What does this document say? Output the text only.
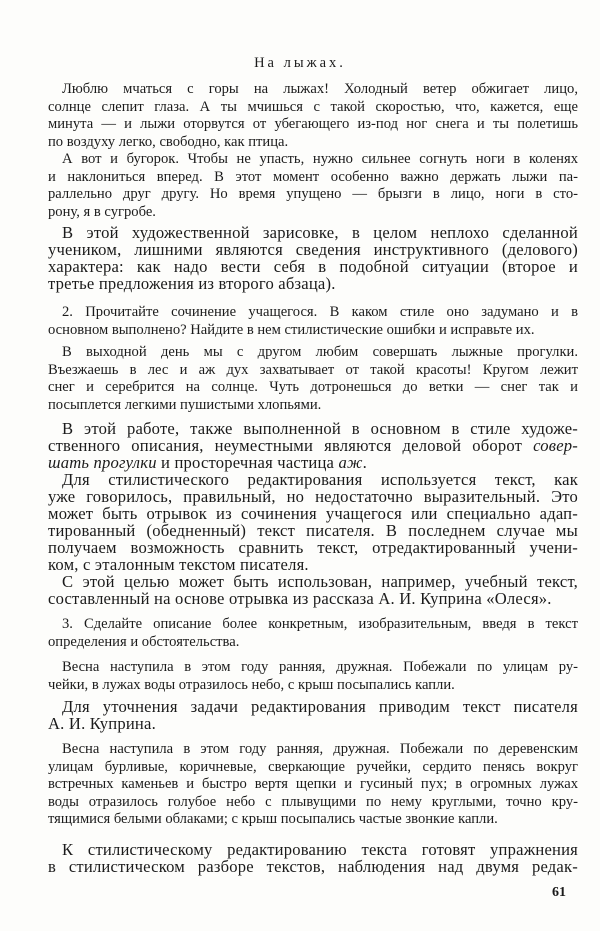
На лыжах.
Люблю мчаться с горы на лыжах! Холодный ветер обжигает лицо,
солнце слепит глаза. А ты мчишься с такой скоростью, что, кажется, еще
минута — и лыжи оторвутся от убегающего из-под ног снега и ты полетишь
по воздуху легко, свободно, как птица.
А вот и бугорок. Чтобы не упасть, нужно сильнее согнуть ноги в коленях
и наклониться вперед. В этот момент особенно важно держать лыжи па-
раллельно друг другу. Но время упущено — брызги в лицо, ноги в сто-
рону, я в сугробе.
В этой художественной зарисовке, в целом неплохо сделанной
учеником, лишними являются сведения инструктивного (делового)
характера: как надо вести себя в подобной ситуации (второе и
третье предложения из второго абзаца).
2. Прочитайте сочинение учащегося. В каком стиле оно задумано и в
основном выполнено? Найдите в нем стилистические ошибки и исправьте их.
В выходной день мы с другом любим совершать лыжные прогулки.
Въезжаешь в лес и аж дух захватывает от такой красоты! Кругом лежит
снег и серебрится на солнце. Чуть дотронешься до ветки — снег так и
посыплется легкими пушистыми хлопьями.
В этой работе, также выполненной в основном в стиле художе-
ственного описания, неуместными являются деловой оборот совер-
шать прогулки и просторечная частица аж.
Для стилистического редактирования используется текст, как
уже говорилось, правильный, но недостаточно выразительный. Это
может быть отрывок из сочинения учащегося или специально адап-
тированный (обедненный) текст писателя. В последнем случае мы
получаем возможность сравнить текст, отредактированный учени-
ком, с эталонным текстом писателя.
С этой целью может быть использован, например, учебный текст,
составленный на основе отрывка из рассказа А. И. Куприна «Олеся».
3. Сделайте описание более конкретным, изобразительным, введя в текст
определения и обстоятельства.
Весна наступила в этом году ранняя, дружная. Побежали по улицам ру-
чейки, в лужах воды отразилось небо, с крыш посыпались капли.
Для уточнения задачи редактирования приводим текст писателя
А. И. Куприна.
Весна наступила в этом году ранняя, дружная. Побежали по деревенским
улицам бурливые, коричневые, сверкающие ручейки, сердито пенясь вокруг
встречных каменьев и быстро вертя щепки и гусиный пух; в огромных лужах
воды отразилось голубое небо с плывущими по нему круглыми, точно кру-
тящимися белыми облаками; с крыш посыпались частые звонкие капли.
К стилистическому редактированию текста готовят упражнения
в стилистическом разборе текстов, наблюдения над двумя редак-
61
